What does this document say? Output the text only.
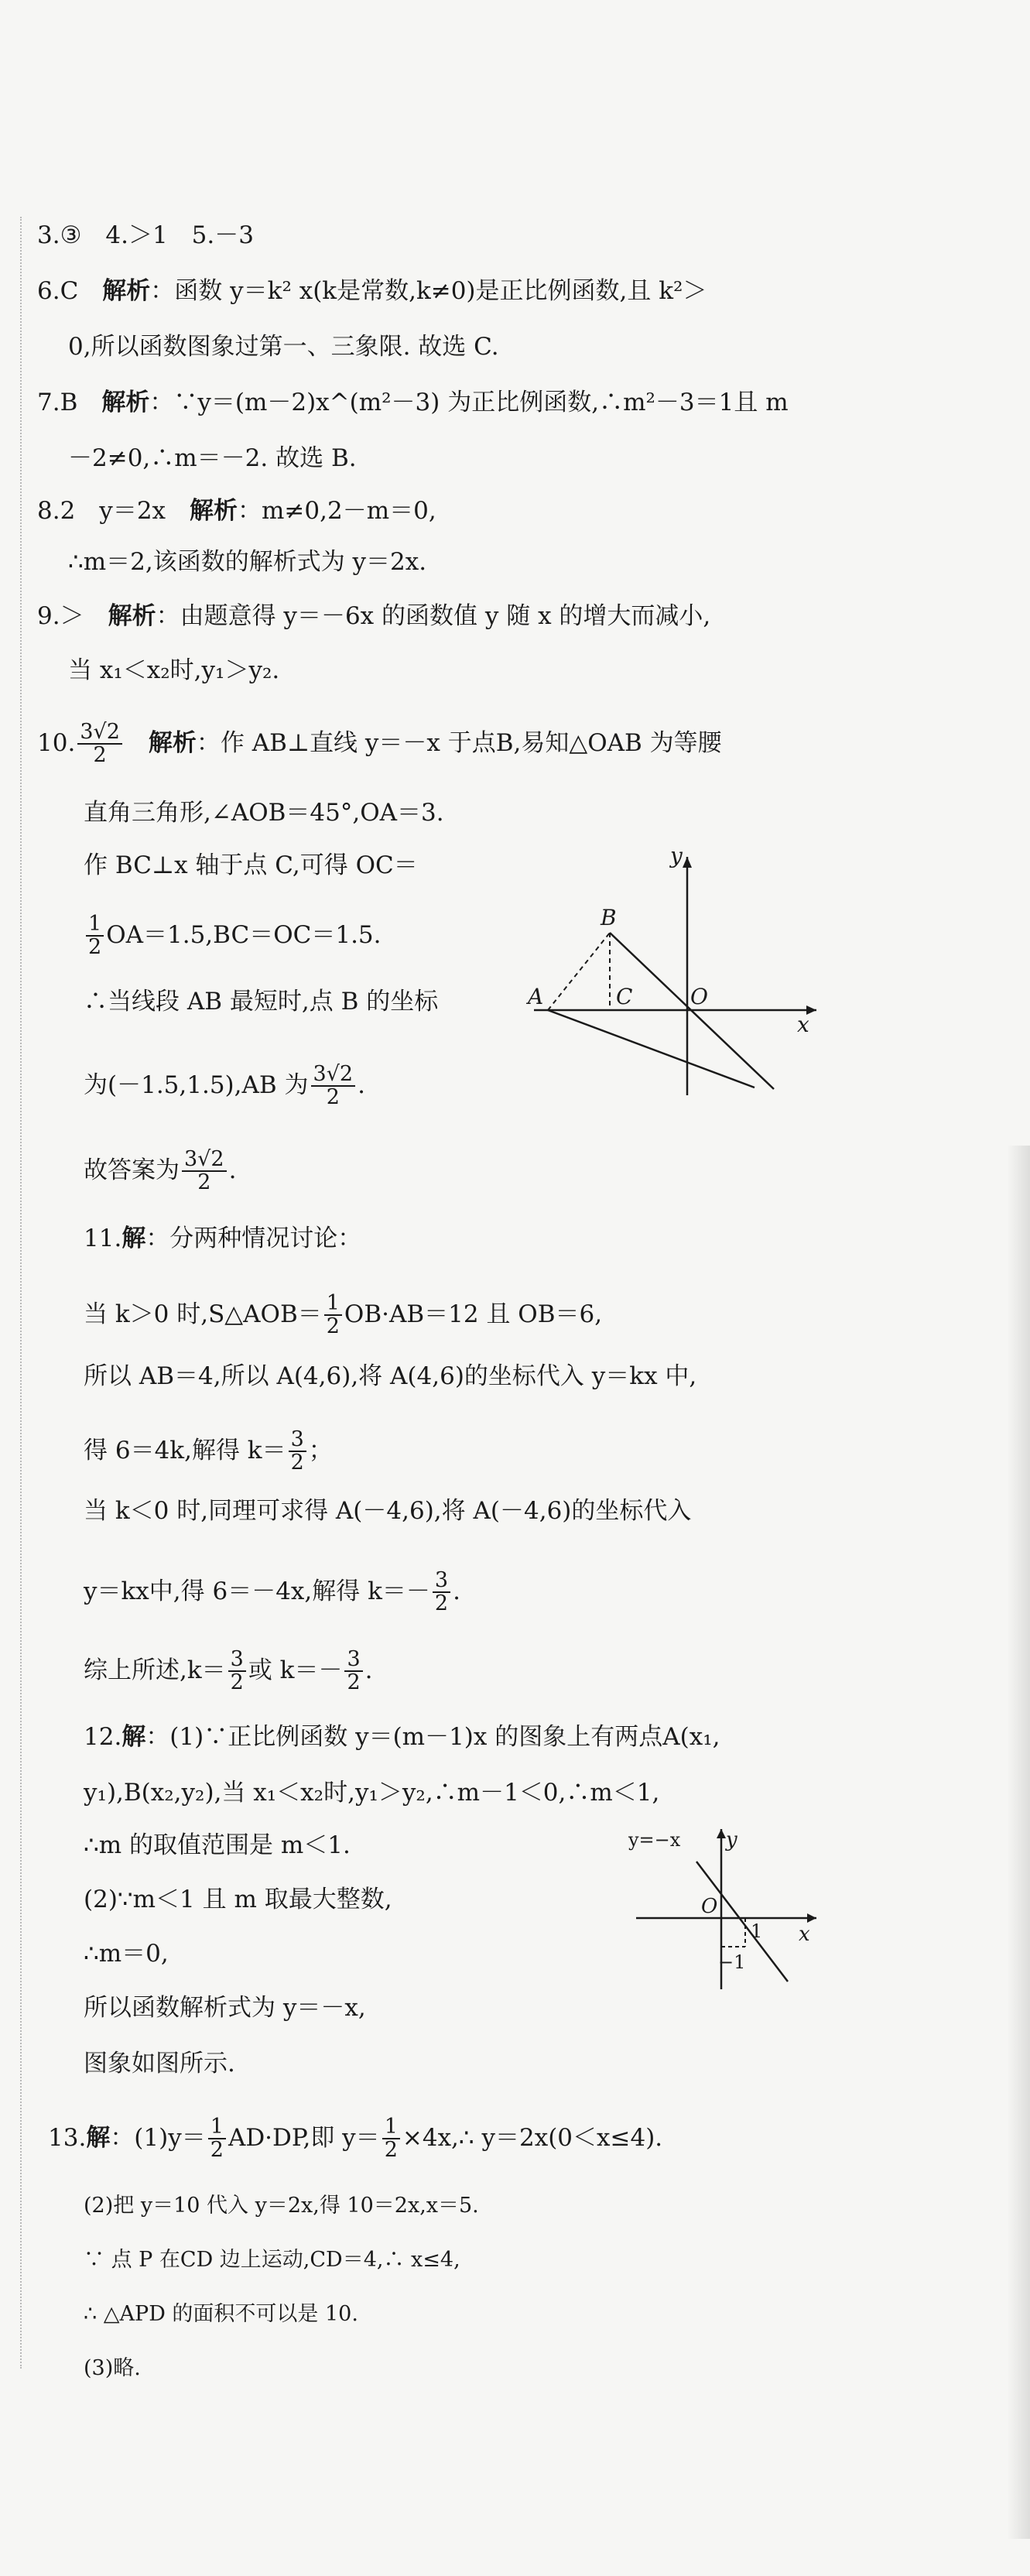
3.③　4.＞1　5.－3
6.C　 解析：函数 y＝k² x(k是常数,k≠0)是正比例函数,且 k²＞
0,所以函数图象过第一、三象限. 故选 C.
7.B　 解析：∵y＝(m－2)x^(m²－3) 为正比例函数,∴m²－3＝1且 m
－2≠0,∴m＝－2. 故选 B.
8.2　y＝2x　 解析：m≠0,2－m＝0,
∴m＝2,该函数的解析式为 y＝2x.
9.＞　 解析：由题意得 y＝－6x 的函数值 y 随 x 的增大而减小,
当 x₁＜x₂时,y₁＞y₂.
10. $\frac{3√2}{2}$
　 解析：作 AB⊥直线 y＝－x 于点B,易知△OAB 为等腰
直角三角形,∠AOB＝45°,OA＝3.
作 BC⊥x 轴于点 C,可得 OC＝
$\frac{1}{2} OA=1.5,BC=OC=1.5$.
∴当线段 AB 最短时,点 B 的坐标
为(－1.5,1.5),AB 为 $\frac{3√2}{2}$ .
故答案为 $\frac{3√2}{2}$ .
y
x
A
B
C	O
11.解：分两种情况讨论：
当 k＞0 时,S△AOB＝ $\frac{1}{2} OB\cdot AB=12$ 且 OB＝6,
所以 AB＝4,所以 A(4,6),将 A(4,6)的坐标代入 y＝kx 中,
得 6＝4k,解得 $k= \frac{3}{2}$ ；
当 k＜0 时,同理可求得 A(－4,6),将 A(－4,6)的坐标代入
y＝kx中,得 6＝－4x,解得 $k=- \frac{3}{2}$ .
综上所述$,k= \frac{3}{2}$ 或 $k=- \frac{3}{2}$ .
12.解：(1)∵正比例函数 y＝(m－1)x 的图象上有两点A(x₁,
y₁),B(x₂,y₂),当 x₁＜x₂时,y₁＞y₂,∴m－1＜0,∴m＜1,
∴m 的取值范围是 m＜1.
(2)∵m＜1 且 m 取最大整数,
∴m＝0,
所以函数解析式为 y＝－x,
图象如图所示.
y=−x y
x
O
1
−1
13.解：$(1)y= \frac{1}{2} AD\cdot DP$,即 $y= \frac{1}{2}$ ×4x,∴ y＝2x(0＜x≤4).
(2)把 y＝10 代入 y＝2x,得 10＝2x,x＝5.
∵ 点 P 在CD 边上运动,CD＝4,∴ x≤4,
∴ △APD 的面积不可以是 10.
(3)略.
